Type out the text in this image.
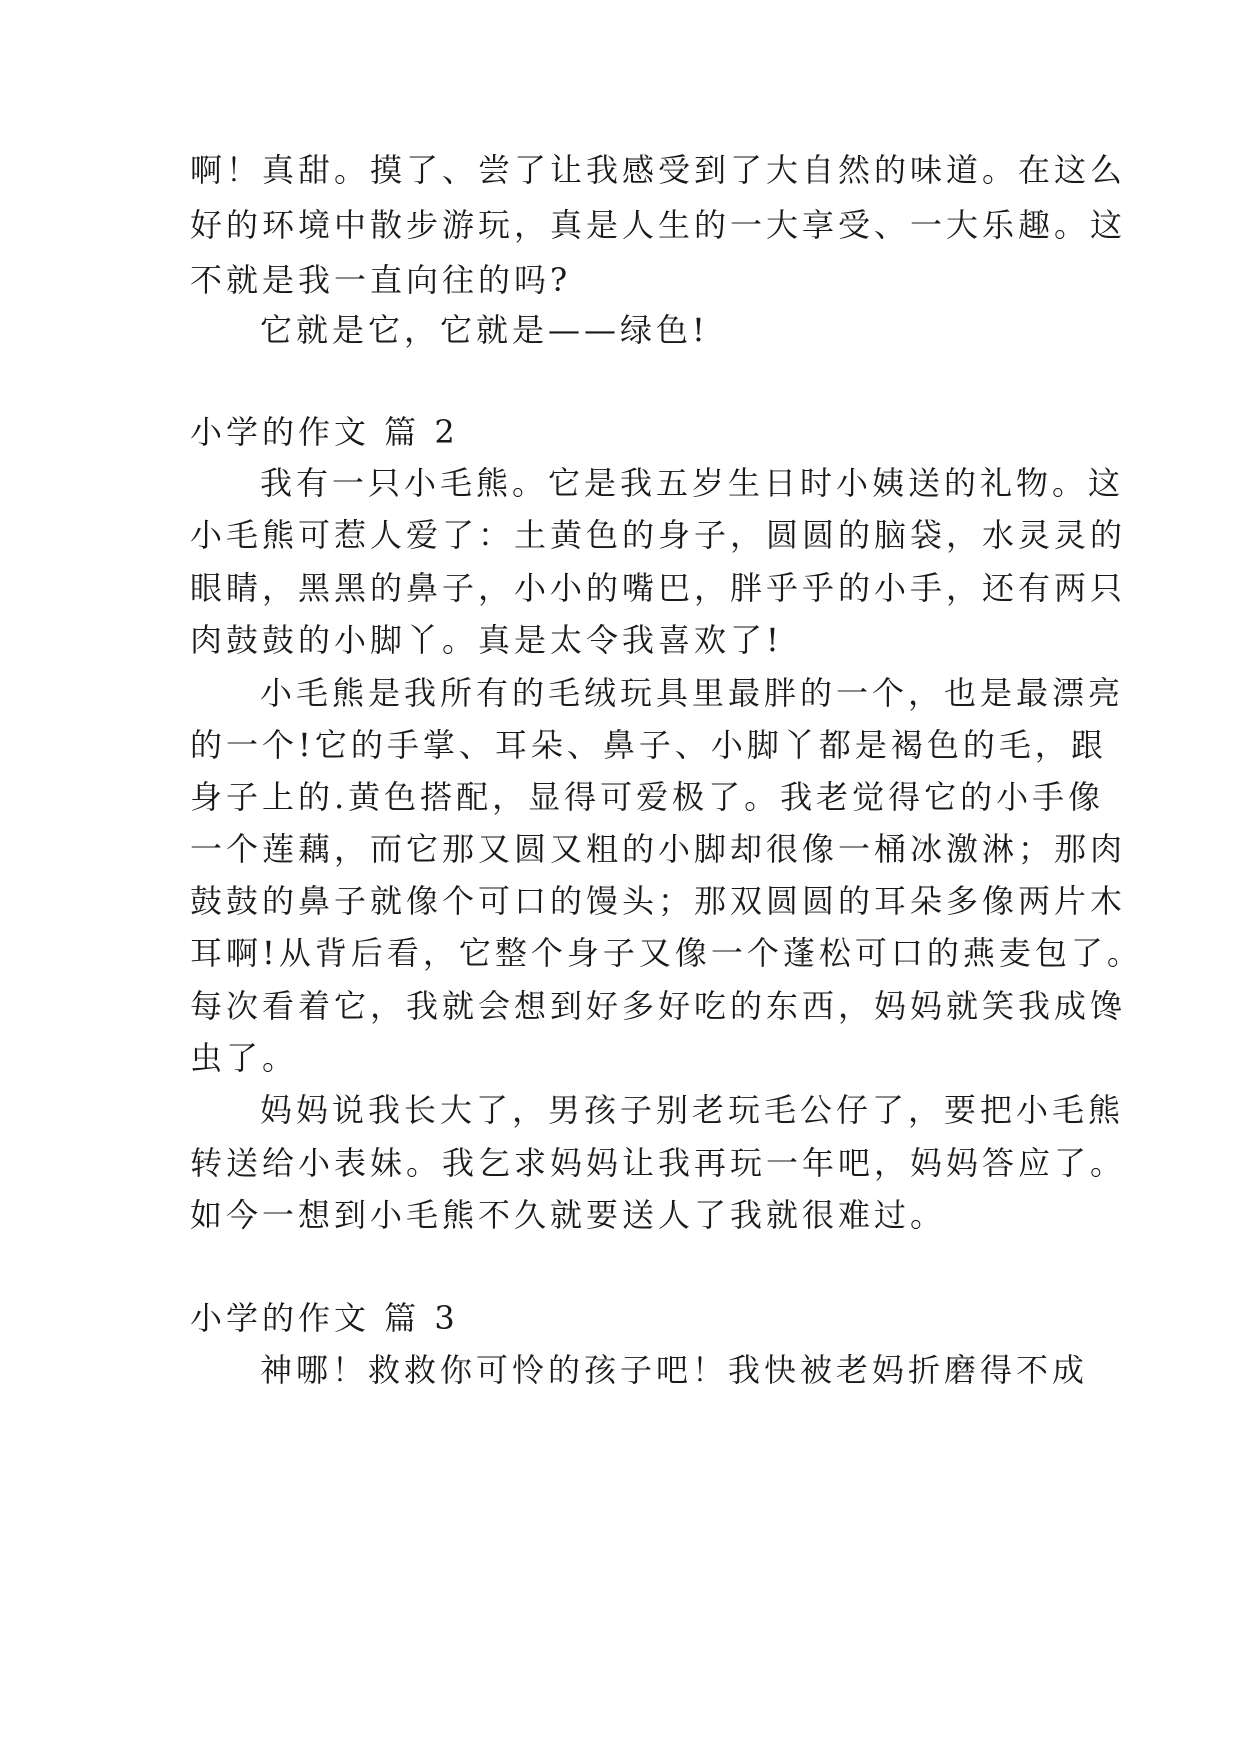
啊！真甜。摸了、尝了让我感受到了大自然的味道。在这么
好的环境中散步游玩，真是人生的一大享受、一大乐趣。这
不就是我一直向往的吗?
它就是它，它就是——绿色!
小学的作文 篇 2
我有一只小毛熊。它是我五岁生日时小姨送的礼物。这
小毛熊可惹人爱了：土黄色的身子，圆圆的脑袋，水灵灵的
眼睛，黑黑的鼻子，小小的嘴巴，胖乎乎的小手，还有两只
肉鼓鼓的小脚丫。真是太令我喜欢了!
小毛熊是我所有的毛绒玩具里最胖的一个，也是最漂亮
的一个!它的手掌、耳朵、鼻子、小脚丫都是褐色的毛，跟
身子上的.黄色搭配，显得可爱极了。我老觉得它的小手像
一个莲藕，而它那又圆又粗的小脚却很像一桶冰激淋；那肉
鼓鼓的鼻子就像个可口的馒头；那双圆圆的耳朵多像两片木
耳啊!从背后看，它整个身子又像一个蓬松可口的燕麦包了。
每次看着它，我就会想到好多好吃的东西，妈妈就笑我成馋
虫了。
妈妈说我长大了，男孩子别老玩毛公仔了，要把小毛熊
转送给小表妹。我乞求妈妈让我再玩一年吧，妈妈答应了。
如今一想到小毛熊不久就要送人了我就很难过。
小学的作文 篇 3
神哪！救救你可怜的孩子吧！我快被老妈折磨得不成
